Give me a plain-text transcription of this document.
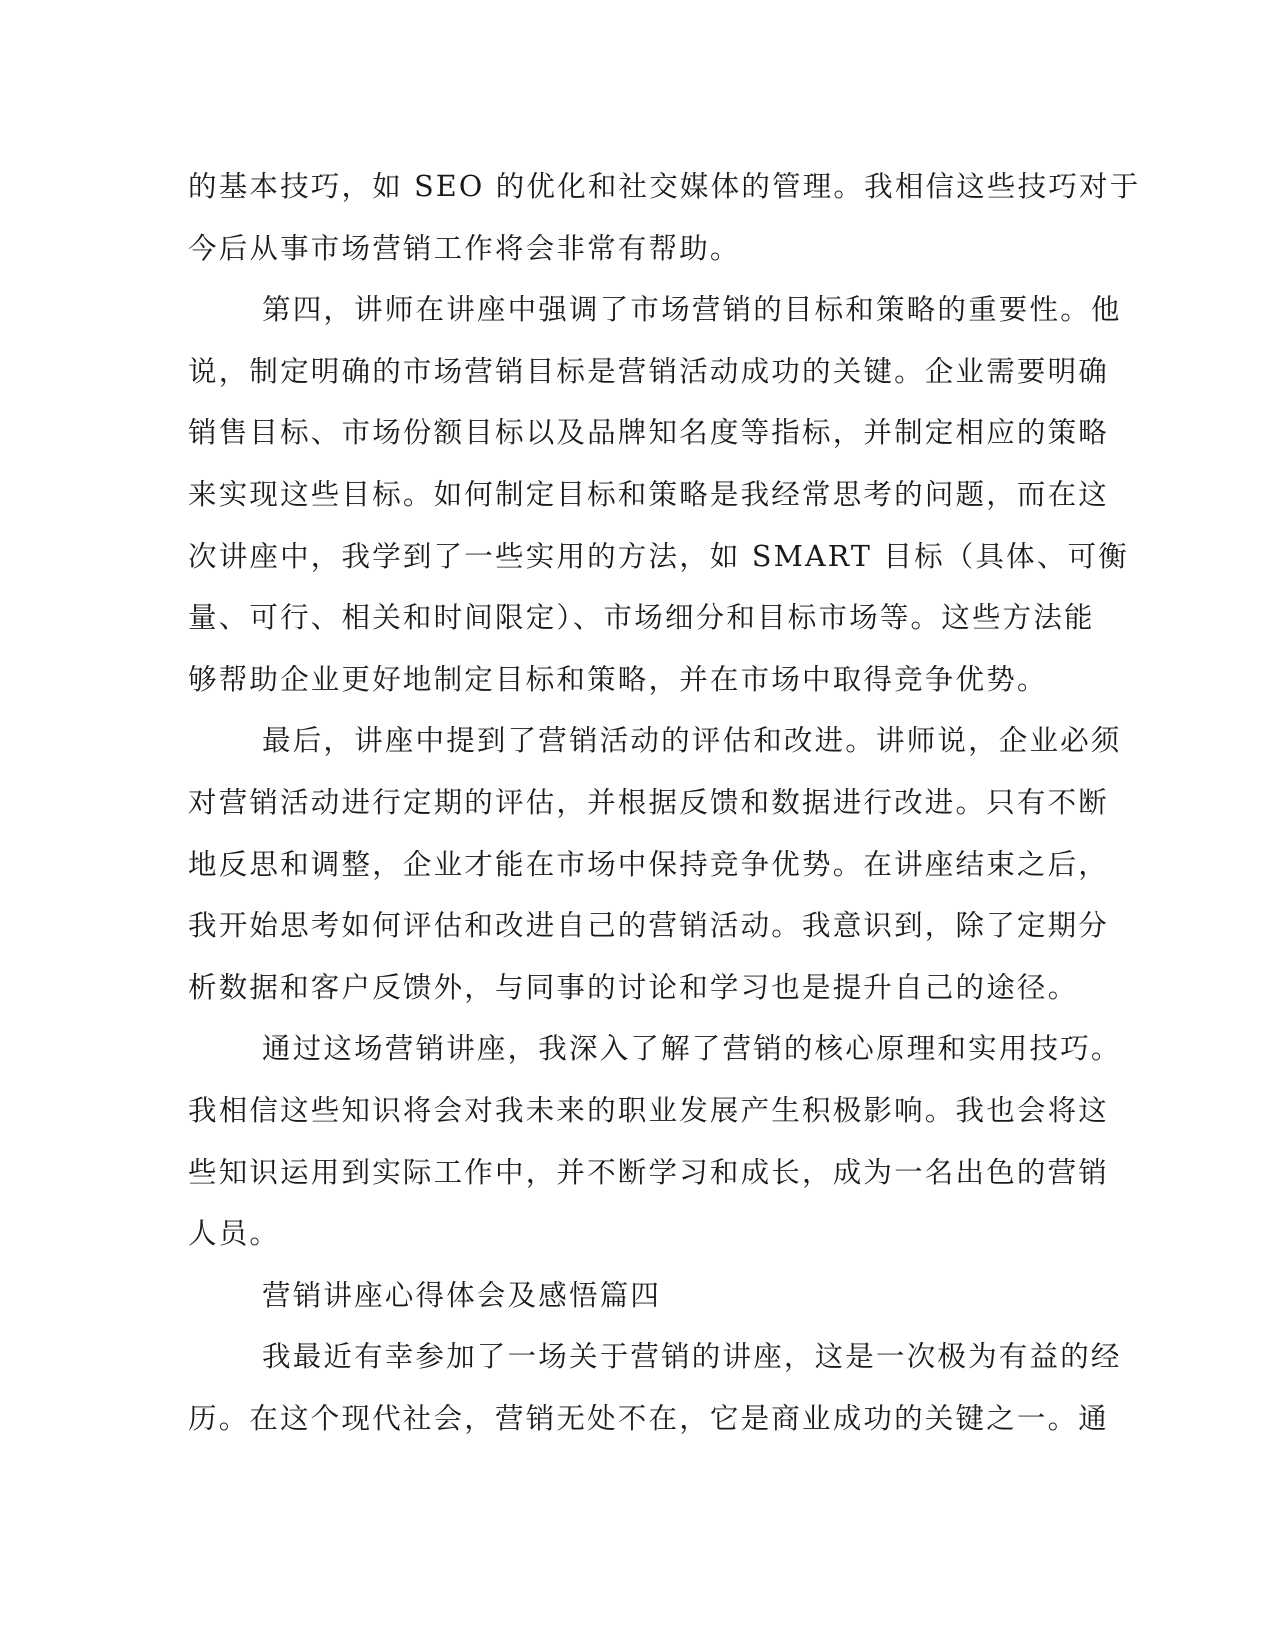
的基本技巧，如 SEO 的优化和社交媒体的管理。我相信这些技巧对于
今后从事市场营销工作将会非常有帮助。
第四，讲师在讲座中强调了市场营销的目标和策略的重要性。他
说，制定明确的市场营销目标是营销活动成功的关键。企业需要明确
销售目标、市场份额目标以及品牌知名度等指标，并制定相应的策略
来实现这些目标。如何制定目标和策略是我经常思考的问题，而在这
次讲座中，我学到了一些实用的方法，如 SMART 目标（具体、可衡
量、可行、相关和时间限定）、市场细分和目标市场等。这些方法能
够帮助企业更好地制定目标和策略，并在市场中取得竞争优势。
最后，讲座中提到了营销活动的评估和改进。讲师说，企业必须
对营销活动进行定期的评估，并根据反馈和数据进行改进。只有不断
地反思和调整，企业才能在市场中保持竞争优势。在讲座结束之后，
我开始思考如何评估和改进自己的营销活动。我意识到，除了定期分
析数据和客户反馈外，与同事的讨论和学习也是提升自己的途径。
通过这场营销讲座，我深入了解了营销的核心原理和实用技巧。
我相信这些知识将会对我未来的职业发展产生积极影响。我也会将这
些知识运用到实际工作中，并不断学习和成长，成为一名出色的营销
人员。
营销讲座心得体会及感悟篇四
我最近有幸参加了一场关于营销的讲座，这是一次极为有益的经
历。在这个现代社会，营销无处不在，它是商业成功的关键之一。通
